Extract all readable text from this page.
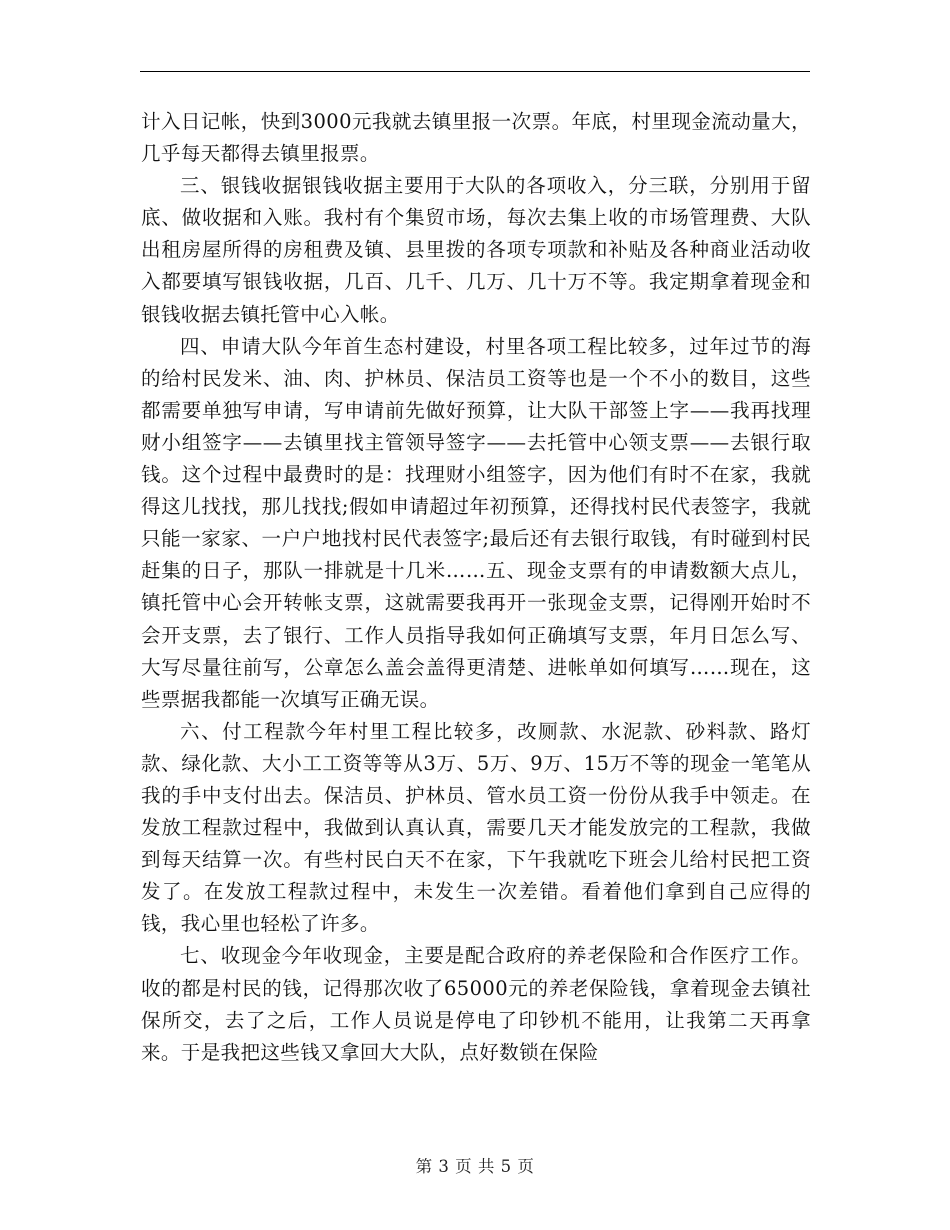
计入日记帐，快到3000元我就去镇里报一次票。年底，村里现金流动量大，几乎每天都得去镇里报票。

三、银钱收据银钱收据主要用于大队的各项收入，分三联，分别用于留底、做收据和入账。我村有个集贸市场，每次去集上收的市场管理费、大队出租房屋所得的房租费及镇、县里拨的各项专项款和补贴及各种商业活动收入都要填写银钱收据，几百、几千、几万、几十万不等。我定期拿着现金和银钱收据去镇托管中心入帐。

四、申请大队今年首生态村建设，村里各项工程比较多，过年过节的海的给村民发米、油、肉、护林员、保洁员工资等也是一个不小的数目，这些都需要单独写申请，写申请前先做好预算，让大队干部签上字——我再找理财小组签字——去镇里找主管领导签字——去托管中心领支票——去银行取钱。这个过程中最费时的是：找理财小组签字，因为他们有时不在家，我就得这儿找找，那儿找找;假如申请超过年初预算，还得找村民代表签字，我就只能一家家、一户户地找村民代表签字;最后还有去银行取钱，有时碰到村民赶集的日子，那队一排就是十几米……五、现金支票有的申请数额大点儿，镇托管中心会开转帐支票，这就需要我再开一张现金支票，记得刚开始时不会开支票，去了银行、工作人员指导我如何正确填写支票，年月日怎么写、大写尽量往前写，公章怎么盖会盖得更清楚、进帐单如何填写……现在，这些票据我都能一次填写正确无误。

六、付工程款今年村里工程比较多，改厕款、水泥款、砂料款、路灯款、绿化款、大小工工资等等从3万、5万、9万、15万不等的现金一笔笔从我的手中支付出去。保洁员、护林员、管水员工资一份份从我手中领走。在发放工程款过程中，我做到认真认真，需要几天才能发放完的工程款，我做到每天结算一次。有些村民白天不在家，下午我就吃下班会儿给村民把工资发了。在发放工程款过程中，未发生一次差错。看着他们拿到自己应得的钱，我心里也轻松了许多。

七、收现金今年收现金，主要是配合政府的养老保险和合作医疗工作。收的都是村民的钱，记得那次收了65000元的养老保险钱，拿着现金去镇社保所交，去了之后，工作人员说是停电了印钞机不能用，让我第二天再拿来。于是我把这些钱又拿回大大队，点好数锁在保险

第 3 页 共 5 页
